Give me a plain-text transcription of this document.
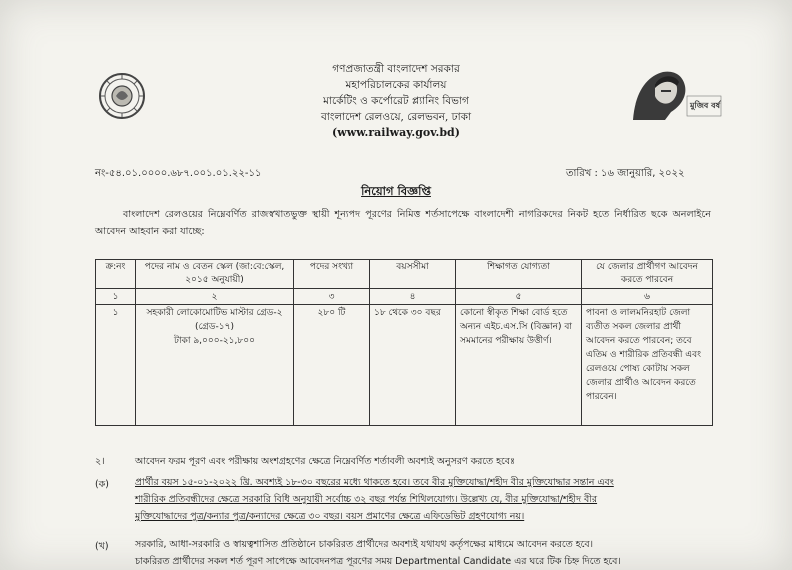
মুজিব বর্ষ
গণপ্রজাতন্ত্রী বাংলাদেশ সরকার
মহাপরিচালকের কার্যালয়
মার্কেটিং ও কর্পোরেট প্ল্যানিং বিভাগ
বাংলাদেশ রেলওয়ে, রেলভবন, ঢাকা
(www.railway.gov.bd)
নং-৫৪.০১.০০০০.৬৮৭.০০১.০১.২২-১১	তারিখ : ১৬ জানুয়ারি, ২০২২
নিয়োগ বিজ্ঞপ্তি
বাংলাদেশ রেলওয়ের নিম্নেবর্ণিত রাজস্বখাতভুক্ত স্থায়ী শূন্যপদ পূরণের নিমিত্ত শর্তসাপেক্ষে বাংলাদেশী নাগরিকদের নিকট হতে নির্ধারিত ছকে অনলাইনে আবেদন আহবান করা যাচ্ছে:
ক্র:নং	পদের নাম ও বেতন স্কেল (জা:বে:স্কেল, ২০১৫ অনুযায়ী)	পদের সংখ্যা	বয়সসীমা	শিক্ষাগত যোগ্যতা	যে জেলার প্রার্থীগণ আবেদন করতে পারবেন
১	২	৩	৪	৫	৬
১	সহকারী লোকোমোটিভ মাস্টার গ্রেড-২
(গ্রেড-১৭)
টাকা ৯,০০০-২১,৮০০	২৮০ টি	১৮ থেকে ৩০ বছর	কোনো স্বীকৃত শিক্ষা বোর্ড হতে অন্যন এইচ.এস.সি (বিজ্ঞান) বা সমমানের পরীক্ষায় উত্তীর্ণ।	পাবনা ও লালমনিরহাট জেলা ব্যতীত সকল জেলার প্রার্থী আবেদন করতে পারবেন; তবে এতিম ও শারীরিক প্রতিবন্ধী এবং রেলওয়ে পোষ্য কোটায় সকল জেলার প্রার্থীও আবেদন করতে পারবেন।
২।	আবেদন ফরম পূরণ এবং পরীক্ষায় অংশগ্রহণের ক্ষেত্রে নিম্নেবর্ণিত শর্তাবলী অবশ্যই অনুসরণ করতে হবেঃ
(ক)	প্রার্থীর বয়স ১৫-০১-২০২২ খ্রি. অবশ্যই ১৮-৩০ বছরের মধ্যে থাকতে হবে। তবে বীর মুক্তিযোদ্ধা/শহীদ বীর মুক্তিযোদ্ধার সন্তান এবং
শারীরিক প্রতিবন্ধীদের ক্ষেত্রে সরকারি বিধি অনুযায়ী সর্বোচ্চ ৩২ বছর পর্যন্ত শিথিলযোগ্য। উল্লেখ্য যে, বীর মুক্তিযোদ্ধা/শহীদ বীর
মুক্তিযোদ্ধাদের পুত্র/কন্যার পুত্র/কন্যাদের ক্ষেত্রে ৩০ বছর। বয়স প্রমাণের ক্ষেত্রে এফিডেভিট গ্রহণযোগ্য নয়।
(খ)	সরকারি, আধা-সরকারি ও স্বায়ত্বশাসিত প্রতিষ্ঠানে চাকরিরত প্রার্থীদের অবশ্যই যথাযথ কর্তৃপক্ষের মাধ্যমে আবেদন করতে হবে।
চাকরিরত প্রার্থীদের সকল শর্ত পূরণ সাপেক্ষে আবেদনপত্র পূরণের সময় Departmental Candidate এর ঘরে টিক চিহ্ন দিতে হবে।
